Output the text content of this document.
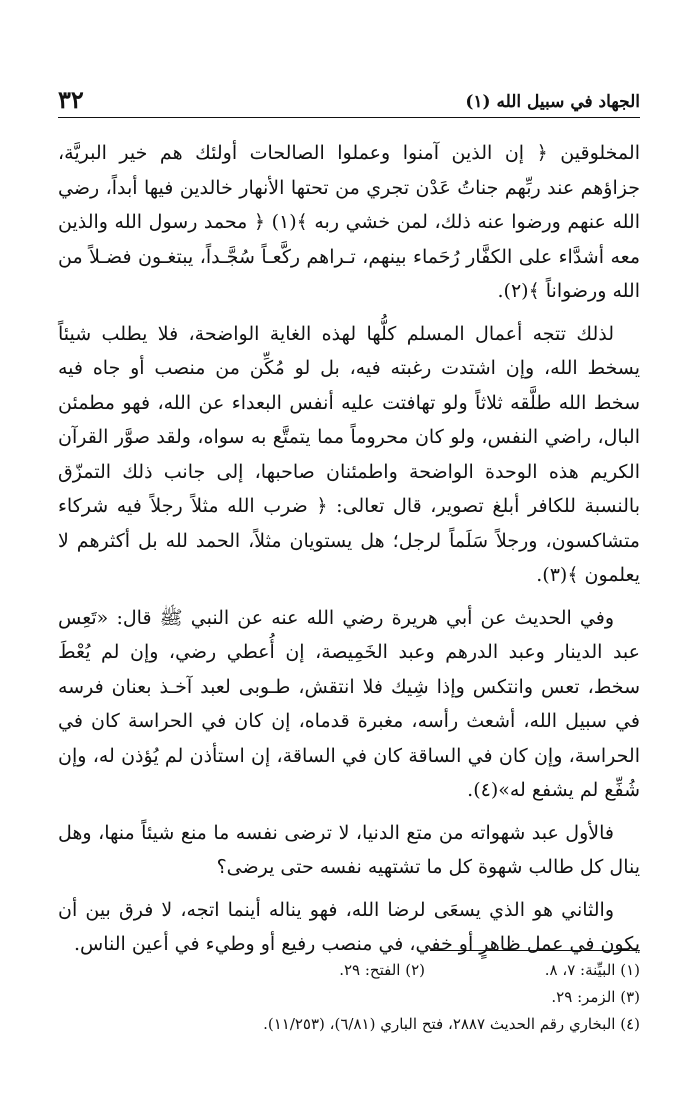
٣٢	الجهاد في سبيل الله (١)

المخلوقين ﴿ إن الذين آمنوا وعملوا الصالحات أولئك هم خير البريَّة، جزاؤهم عند ربِّهم جناتُ عَدْن تجري من تحتها الأنهار خالدين فيها أبداً، رضي الله عنهم ورضوا عنه ذلك، لمن خشي ربه ﴾(١) ﴿ محمد رسول الله والذين معه أشدَّاء على الكفَّار رُحَماء بينهم، تـراهم ركَّعـاً سُجَّـداً، يبتغـون فضـلاً من الله ورضواناً ﴾(٢).

لذلك تتجه أعمال المسلم كلُّها لهذه الغاية الواضحة، فلا يطلب شيئاً يسخط الله، وإن اشتدت رغبته فيه، بل لو مُكِّن من منصب أو جاه فيه سخط الله طلَّقه ثلاثاً ولو تهافتت عليه أنفس البعداء عن الله، فهو مطمئن البال، راضي النفس، ولو كان محروماً مما يتمتَّع به سواه، ولقد صوَّر القرآن الكريم هذه الوحدة الواضحة واطمئنان صاحبها، إلى جانب ذلك التمزّق بالنسبة للكافر أبلغ تصوير، قال تعالى: ﴿ ضرب الله مثلاً رجلاً فيه شركاء متشاكسون، ورجلاً سَلَماً لرجل؛ هل يستويان مثلاً، الحمد لله بل أكثرهم لا يعلمون ﴾(٣).

وفي الحديث عن أبي هريرة رضي الله عنه عن النبي ﷺ قال: «تَعِس عبد الدينار وعبد الدرهم وعبد الخَمِيصة، إن أُعطي رضي، وإن لم يُعْطَ سخط، تعس وانتكس وإذا شِيك فلا انتقش، طـوبى لعبد آخـذ بعنان فرسه في سبيل الله، أشعث رأسه، مغبرة قدماه، إن كان في الحراسة كان في الحراسة، وإن كان في الساقة كان في الساقة، إن استأذن لم يُؤذن له، وإن شُفِّع لم يشفع له»(٤).

فالأول عبد شهواته من متع الدنيا، لا ترضى نفسه ما منع شيئاً منها، وهل ينال كل طالب شهوة كل ما تشتهيه نفسه حتى يرضى؟

والثاني هو الذي يسعَى لرضا الله، فهو يناله أينما اتجه، لا فرق بين أن يكون في عمل ظاهرٍ أو خفي، في منصب رفيع أو وطيء في أعين الناس.

(١) البيِّنة: ٧، ٨.
(٢) الفتح: ٢٩.
(٣) الزمر: ٢٩.
(٤) البخاري رقم الحديث ٢٨٨٧، فتح الباري (٦/٨١)، (١١/٢٥٣).
